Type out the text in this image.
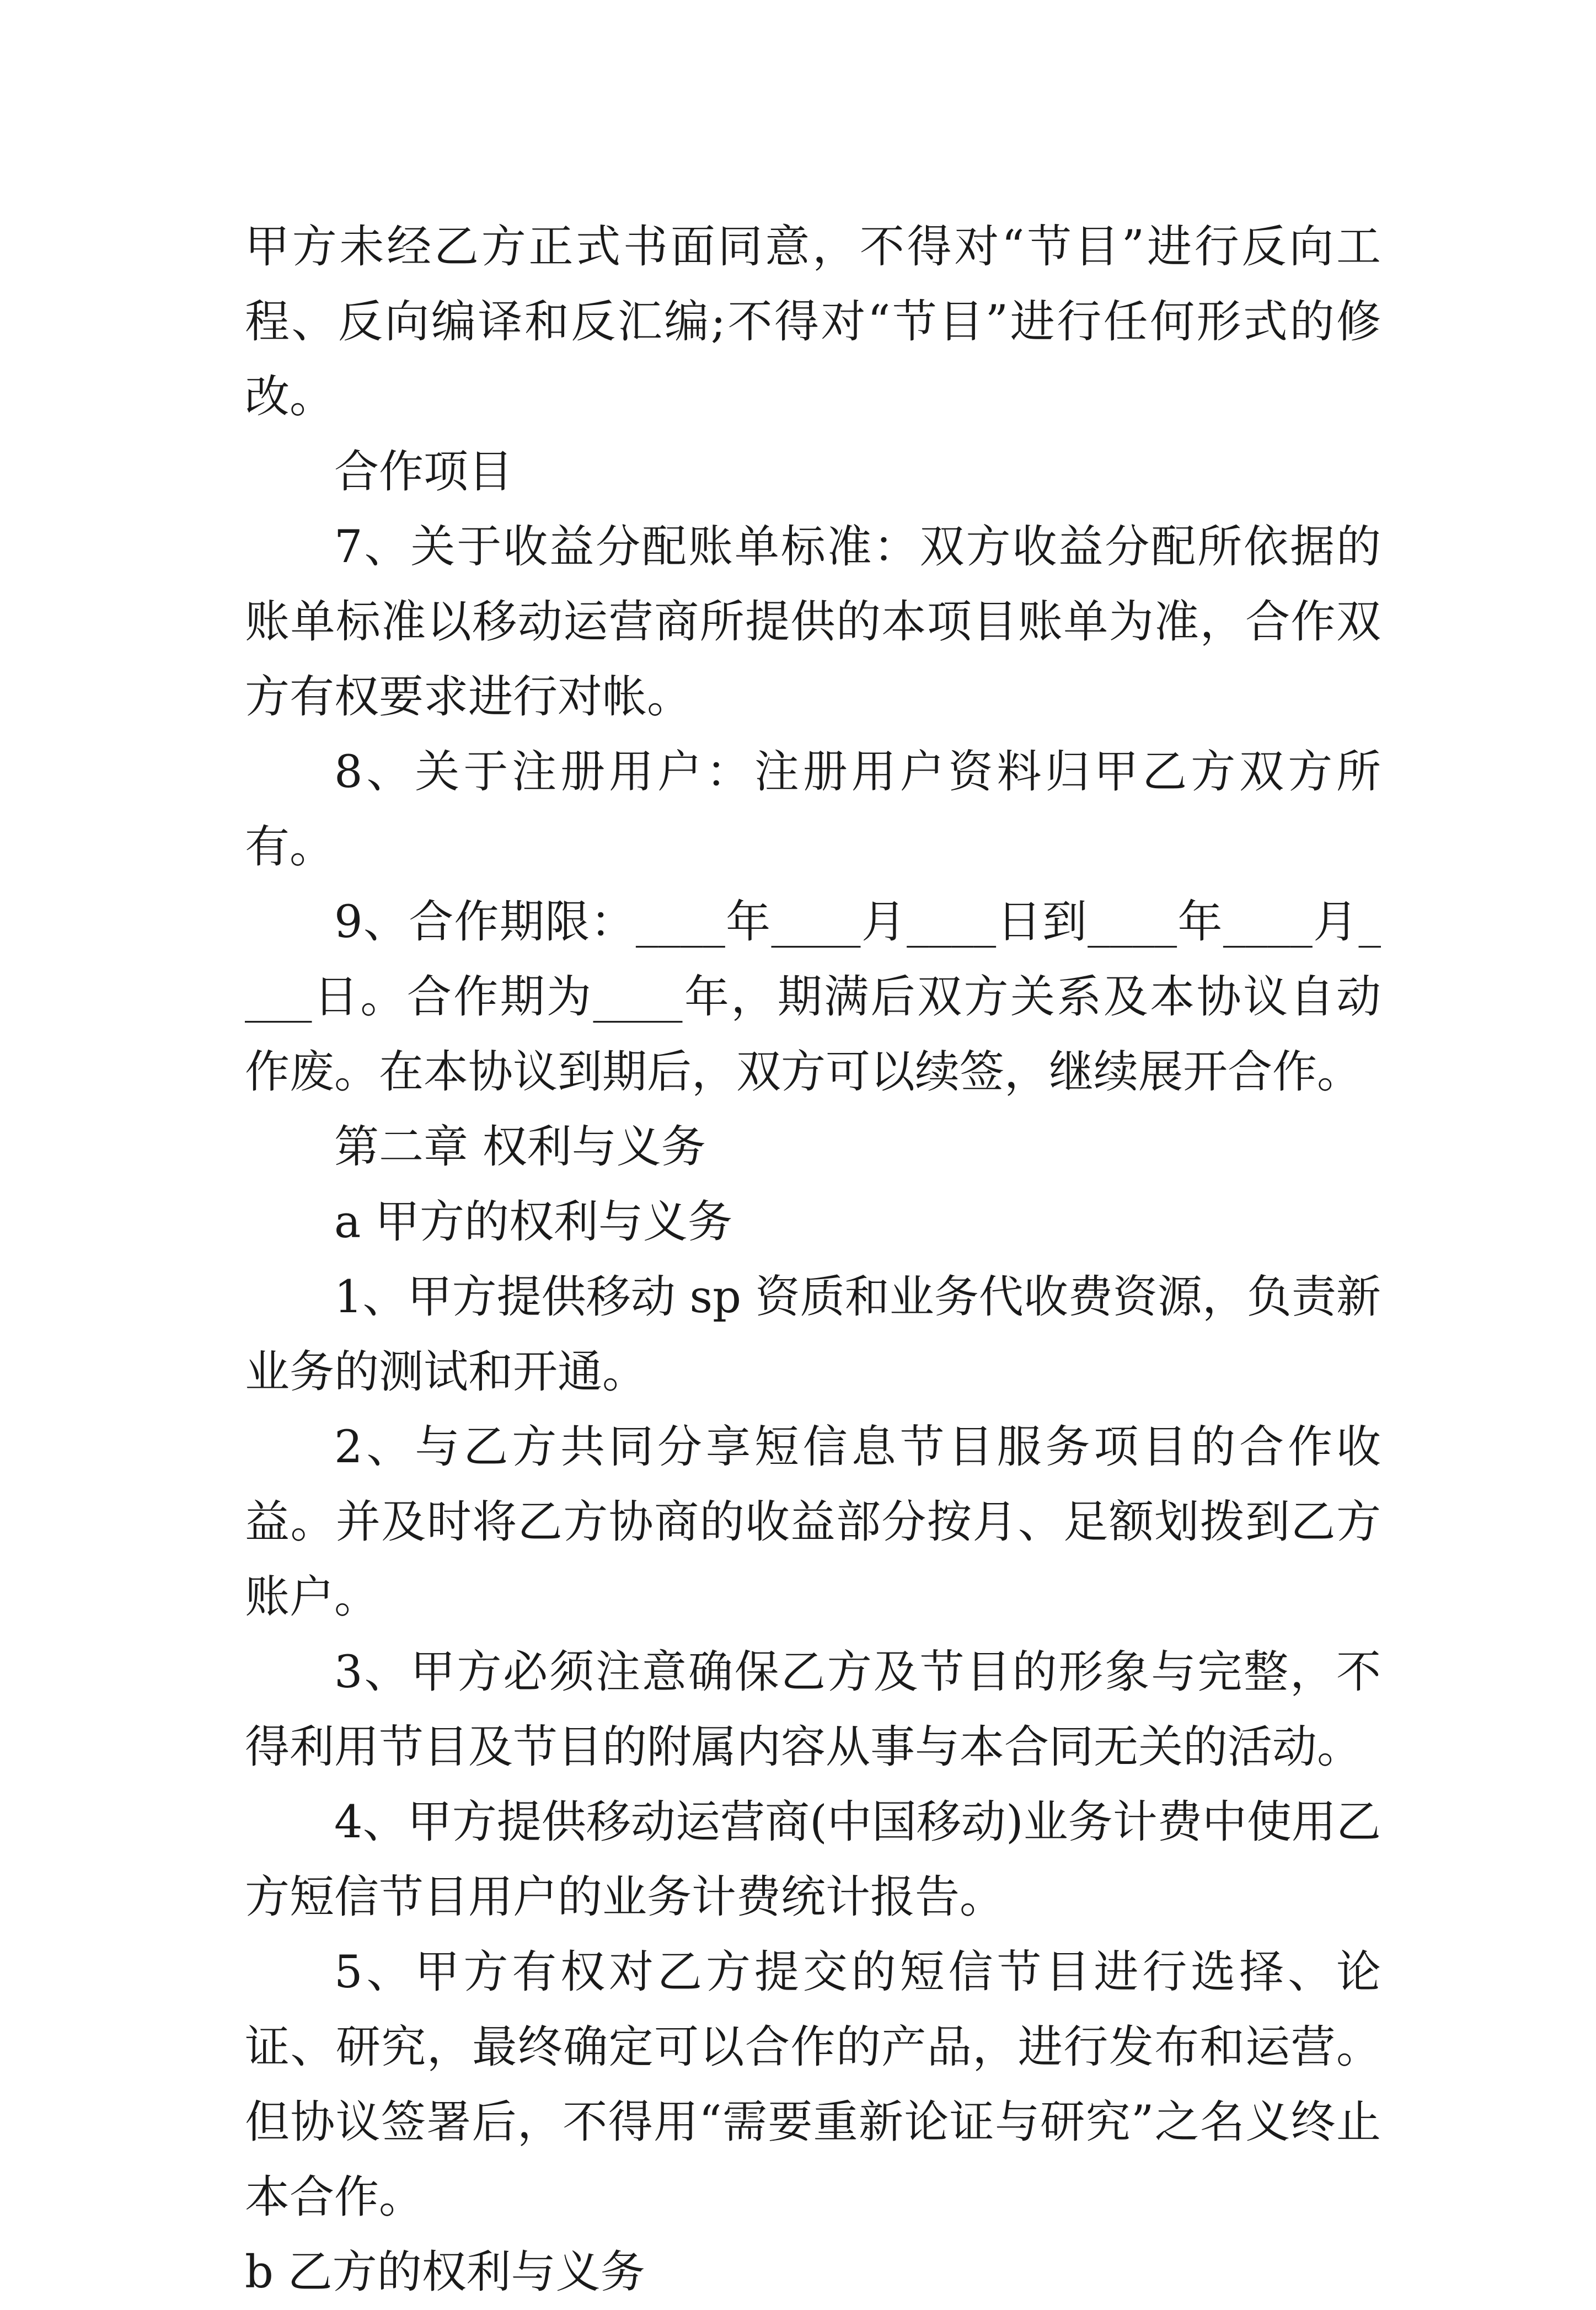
甲方未经乙方正式书面同意，不得对“节目”进行反向工程、反向编译和反汇编;不得对“节目”进行任何形式的修改。

合作项目

7、关于收益分配账单标准：双方收益分配所依据的账单标准以移动运营商所提供的本项目账单为准，合作双方有权要求进行对帐。

8、关于注册用户：注册用户资料归甲乙方双方所有。

9、合作期限：____年____月____日到____年____月____日。合作期为____年，期满后双方关系及本协议自动作废。在本协议到期后，双方可以续签，继续展开合作。

第二章 权利与义务

a 甲方的权利与义务

1、甲方提供移动 sp 资质和业务代收费资源，负责新业务的测试和开通。

2、与乙方共同分享短信息节目服务项目的合作收益。并及时将乙方协商的收益部分按月、足额划拨到乙方账户。

3、甲方必须注意确保乙方及节目的形象与完整，不得利用节目及节目的附属内容从事与本合同无关的活动。

4、甲方提供移动运营商(中国移动)业务计费中使用乙方短信节目用户的业务计费统计报告。

5、甲方有权对乙方提交的短信节目进行选择、论证、研究，最终确定可以合作的产品，进行发布和运营。但协议签署后，不得用“需要重新论证与研究”之名义终止本合作。

b 乙方的权利与义务
